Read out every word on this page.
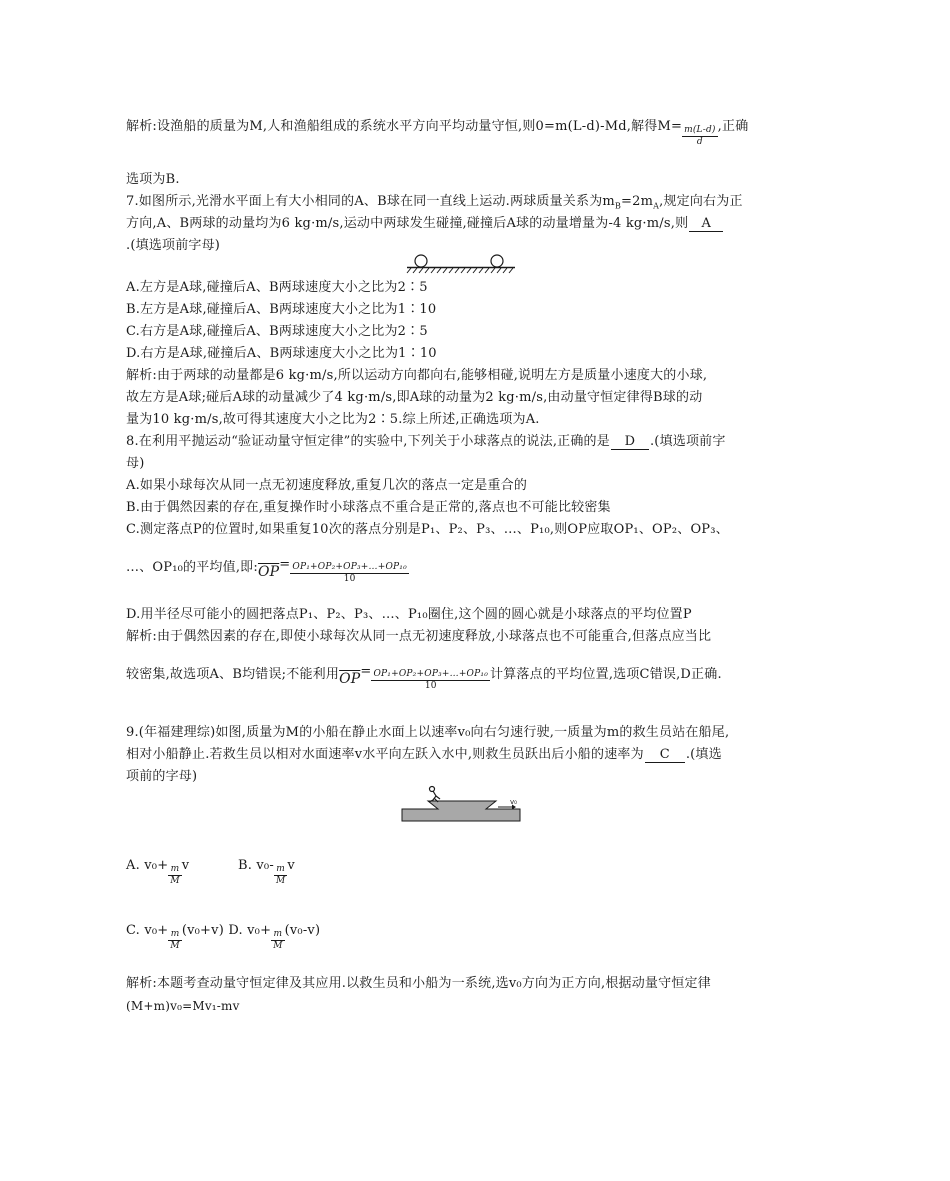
解析:设渔船的质量为M,人和渔船组成的系统水平方向平均动量守恒,则0=m(L-d)-Md,解得$M= \frac{m(L-d)}{d}$ ,正确
选项为B.
7.如图所示,光滑水平面上有大小相同的A、B球在同一直线上运动.两球质量关系为$m_B=2m_A$,规定向右为正
方向,A、B两球的动量均为6 kg·m/s,运动中两球发生碰撞,碰撞后A球的动量增量为-4 kg·m/s,则 A
.(填选项前字母)
A.左方是A球,碰撞后A、B两球速度大小之比为2∶5
B.左方是A球,碰撞后A、B两球速度大小之比为1∶10
C.右方是A球,碰撞后A、B两球速度大小之比为2∶5
D.右方是A球,碰撞后A、B两球速度大小之比为1∶10
解析:由于两球的动量都是6 kg·m/s,所以运动方向都向右,能够相碰,说明左方是质量小速度大的小球,
故左方是A球;碰后A球的动量减少了4 kg·m/s,即A球的动量为2 kg·m/s,由动量守恒定律得B球的动
量为10 kg·m/s,故可得其速度大小之比为2∶5.综上所述,正确选项为A.
8.在利用平抛运动“验证动量守恒定律”的实验中,下列关于小球落点的说法,正确的是 D .(填选项前字
母)
A.如果小球每次从同一点无初速度释放,重复几次的落点一定是重合的
B.由于偶然因素的存在,重复操作时小球落点不重合是正常的,落点也不可能比较密集
C.测定落点P的位置时,如果重复10次的落点分别是P₁、P₂、P₃、…、P₁₀,则OP应取OP₁、OP₂、OP₃、
…、OP₁₀的平均值,即$:\overline{OP}= \frac{\text{OP₁+OP₂+OP₃+…+OP₁₀}}{10}$
D.用半径尽可能小的圆把落点P₁、P₂、P₃、…、P₁₀圈住,这个圆的圆心就是小球落点的平均位置P
解析:由于偶然因素的存在,即使小球每次从同一点无初速度释放,小球落点也不可能重合,但落点应当比
较密集,故选项A、B均错误;不能利用$\overline{OP}= \frac{\text{OP₁+OP₂+OP₃+…+OP₁₀}}{10}$ 计算落点的平均位置,选项C错误,D正确.
9.(年福建理综)如图,质量为M的小船在静止水面上以速率v₀向右匀速行驶,一质量为m的救生员站在船尾,
相对小船静止.若救生员以相对水面速率v水平向左跃入水中,则救生员跃出后小船的速率为 C .(填选
项前的字母)
v₀
A. $v_0+ \frac{m}{M}$ v	B. $v_0- \frac{m}{M}$ v
C. $v_0+ \frac{m}{M} (v_0+v)$ D. $v_0+ \frac{m}{M} (v_0-v)$
解析:本题考查动量守恒定律及其应用.以救生员和小船为一系统,选v₀方向为正方向,根据动量守恒定律
(M+m)v₀=Mv₁-mv
